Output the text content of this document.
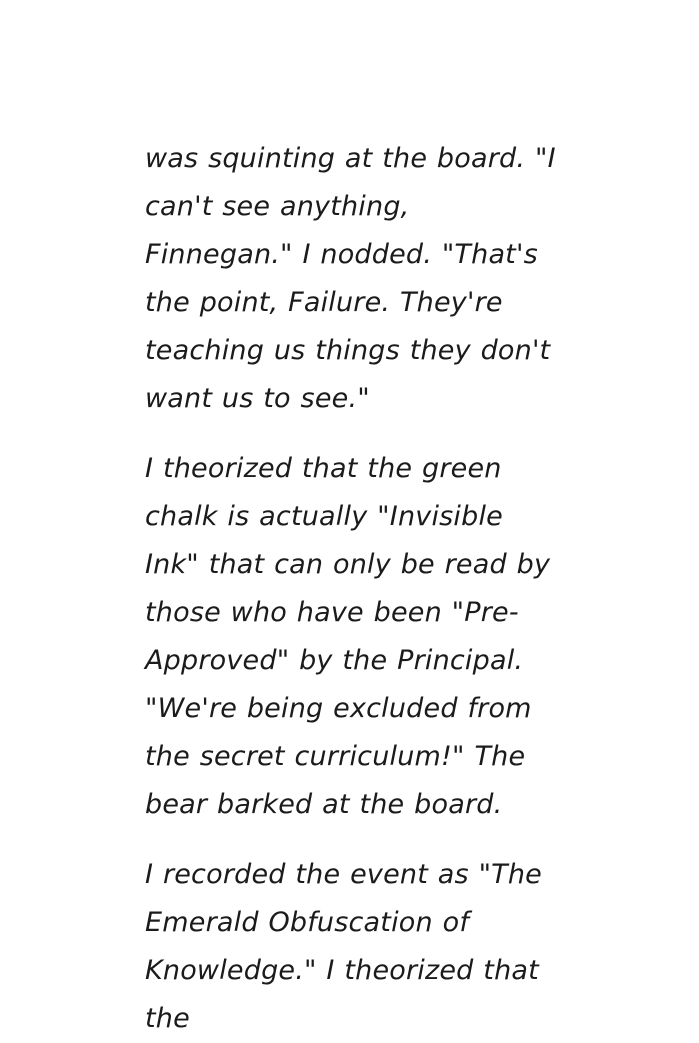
was squinting at the board. "I can't see anything, Finnegan." I nodded. "That's the point, Failure. They're teaching us things they don't want us to see."

I theorized that the green chalk is actually "Invisible Ink" that can only be read by those who have been "Pre-Approved" by the Principal. "We're being excluded from the secret curriculum!" The bear barked at the board.

I recorded the event as "The Emerald Obfuscation of Knowledge." I theorized that the
